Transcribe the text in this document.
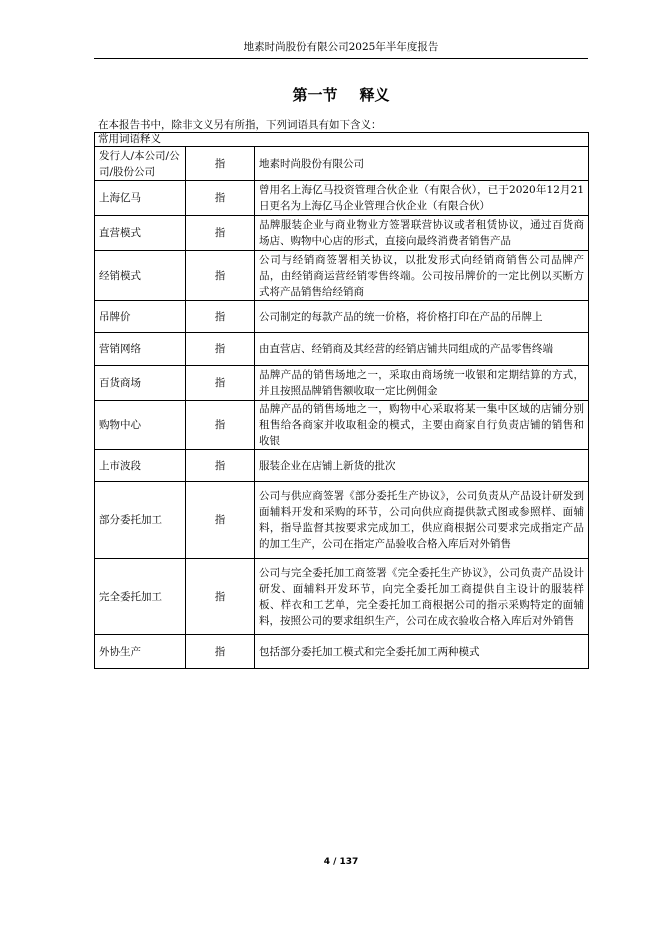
地素时尚股份有限公司2025年半年度报告
第一节 释义
在本报告书中，除非文义另有所指，下列词语具有如下含义：
常用词语释义		
发行人/本公司/公司/股份公司	指	地素时尚股份有限公司
上海亿马	指	曾用名上海亿马投资管理合伙企业（有限合伙），已于2020年12月21日更名为上海亿马企业管理合伙企业（有限合伙）
直营模式	指	品牌服装企业与商业物业方签署联营协议或者租赁协议，通过百货商场店、购物中心店的形式，直接向最终消费者销售产品
经销模式	指	公司与经销商签署相关协议，以批发形式向经销商销售公司品牌产品，由经销商运营经销零售终端。公司按吊牌价的一定比例以买断方式将产品销售给经销商
吊牌价	指	公司制定的每款产品的统一价格，将价格打印在产品的吊牌上
营销网络	指	由直营店、经销商及其经营的经销店铺共同组成的产品零售终端
百货商场	指	品牌产品的销售场地之一，采取由商场统一收银和定期结算的方式，并且按照品牌销售额收取一定比例佣金
购物中心	指	品牌产品的销售场地之一，购物中心采取将某一集中区域的店铺分别租售给各商家并收取租金的模式，主要由商家自行负责店铺的销售和收银
上市波段	指	服装企业在店铺上新货的批次
部分委托加工	指	公司与供应商签署《部分委托生产协议》，公司负责从产品设计研发到面辅料开发和采购的环节，公司向供应商提供款式图或参照样、面辅料，指导监督其按要求完成加工，供应商根据公司要求完成指定产品的加工生产，公司在指定产品验收合格入库后对外销售
完全委托加工	指	公司与完全委托加工商签署《完全委托生产协议》，公司负责产品设计研发、面辅料开发环节，向完全委托加工商提供自主设计的服装样板、样衣和工艺单，完全委托加工商根据公司的指示采购特定的面辅料，按照公司的要求组织生产，公司在成衣验收合格入库后对外销售
外协生产	指	包括部分委托加工模式和完全委托加工两种模式
4 / 137
